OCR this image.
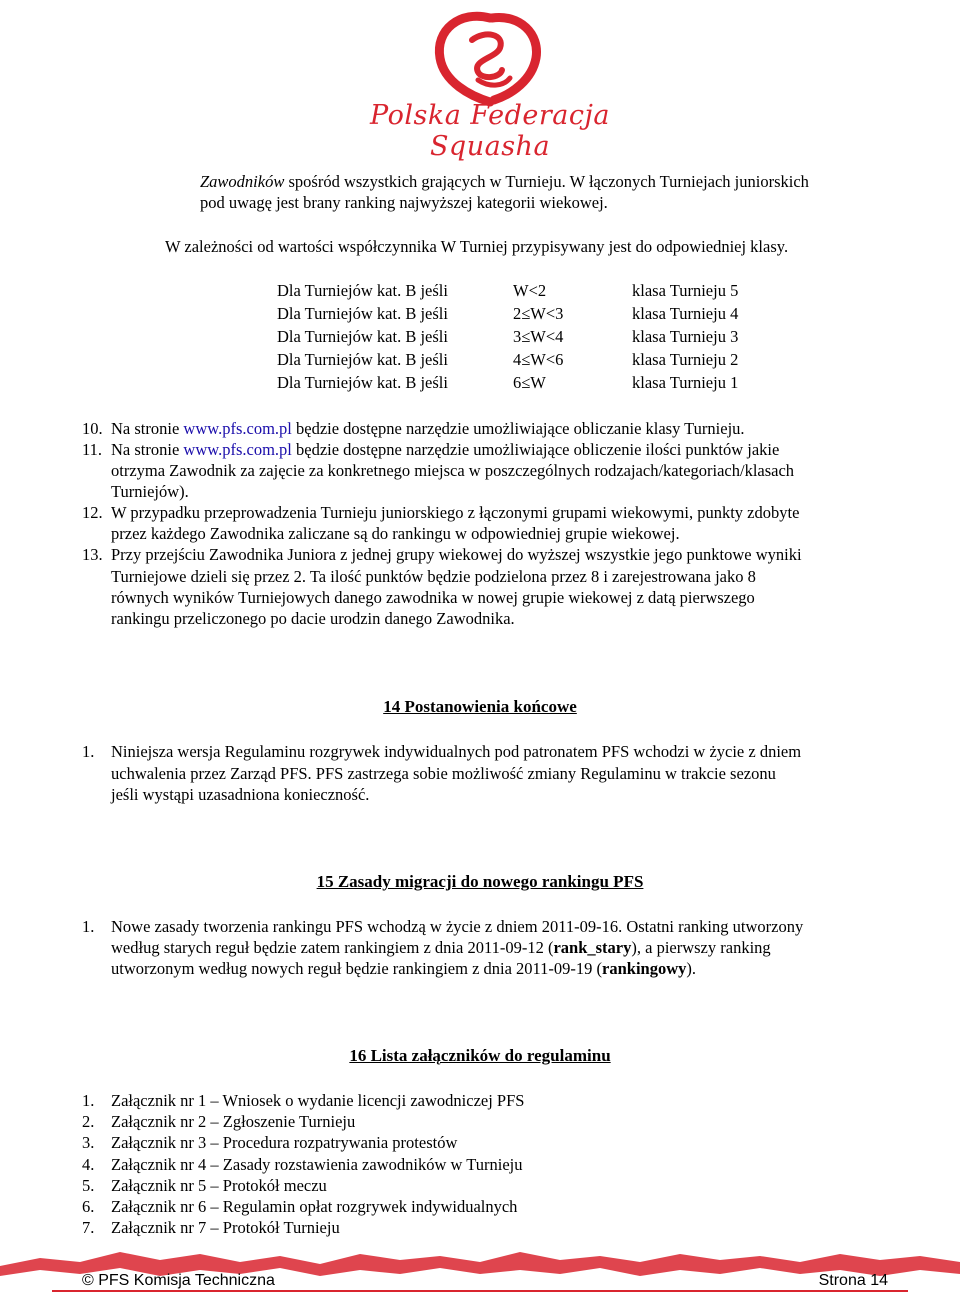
Polska Federacja Squasha
Zawodników spośród wszystkich grających w Turnieju. W łączonych Turniejach juniorskich
pod uwagę jest brany ranking najwyższej kategorii wiekowej.
W zależności od wartości współczynnika W Turniej przypisywany jest do odpowiedniej klasy.
Dla Turniejów kat. B jeśli	W<2	klasa Turnieju 5
Dla Turniejów kat. B jeśli	2≤W<3	klasa Turnieju 4
Dla Turniejów kat. B jeśli	3≤W<4	klasa Turnieju 3
Dla Turniejów kat. B jeśli	4≤W<6	klasa Turnieju 2
Dla Turniejów kat. B jeśli	6≤W	klasa Turnieju 1
10. Na stronie www.pfs.com.pl będzie dostępne narzędzie umożliwiające obliczanie klasy Turnieju.
11. Na stronie www.pfs.com.pl będzie dostępne narzędzie umożliwiające obliczenie ilości punktów jakie
otrzyma Zawodnik za zajęcie za konkretnego miejsca w poszczególnych rodzajach/kategoriach/klasach
Turniejów).
12. W przypadku przeprowadzenia Turnieju juniorskiego z łączonymi grupami wiekowymi, punkty zdobyte
przez każdego Zawodnika zaliczane są do rankingu w odpowiedniej grupie wiekowej.
13. Przy przejściu Zawodnika Juniora z jednej grupy wiekowej do wyższej wszystkie jego punktowe wyniki
Turniejowe dzieli się przez 2. Ta ilość punktów będzie podzielona przez 8 i zarejestrowana jako 8
równych wyników Turniejowych danego zawodnika w nowej grupie wiekowej z datą pierwszego
rankingu przeliczonego po dacie urodzin danego Zawodnika.
14 Postanowienia końcowe
1. Niniejsza wersja Regulaminu rozgrywek indywidualnych pod patronatem PFS wchodzi w życie z dniem
uchwalenia przez Zarząd PFS. PFS zastrzega sobie możliwość zmiany Regulaminu w trakcie sezonu
jeśli wystąpi uzasadniona konieczność.
15 Zasady migracji do nowego rankingu PFS
1. Nowe zasady tworzenia rankingu PFS wchodzą w życie z dniem 2011-09-16. Ostatni ranking utworzony
według starych reguł będzie zatem rankingiem z dnia 2011-09-12 (rank_stary), a pierwszy ranking
utworzonym według nowych reguł będzie rankingiem z dnia 2011-09-19 (rankingowy).
16 Lista załączników do regulaminu
1. Załącznik nr 1 – Wniosek o wydanie licencji zawodniczej PFS
2. Załącznik nr 2 – Zgłoszenie Turnieju
3. Załącznik nr 3 – Procedura rozpatrywania protestów
4. Załącznik nr 4 – Zasady rozstawienia zawodników w Turnieju
5. Załącznik nr 5 – Protokół meczu
6. Załącznik nr 6 – Regulamin opłat rozgrywek indywidualnych
7. Załącznik nr 7 – Protokół Turnieju
© PFS Komisja Techniczna	Strona 14
